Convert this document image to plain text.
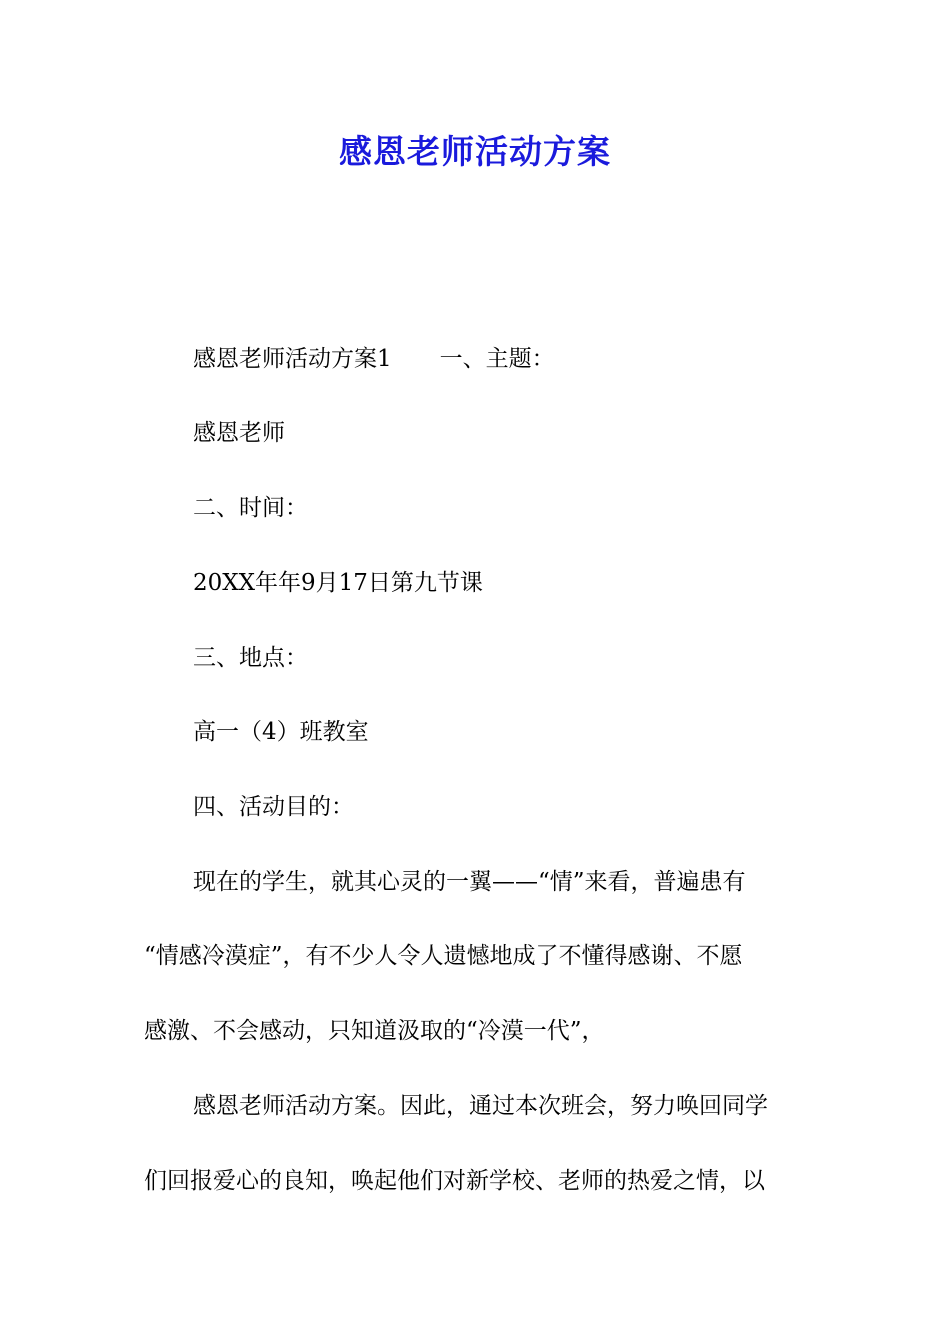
感恩老师活动方案
感恩老师活动方案1 一、主题：
感恩老师
二、时间：
20XX年年9月17日第九节课
三、地点：
高一（4）班教室
四、活动目的：
现在的学生，就其心灵的一翼——“情”来看，普遍患有
“情感冷漠症”，有不少人令人遗憾地成了不懂得感谢、不愿
感激、不会感动，只知道汲取的“冷漠一代”，
感恩老师活动方案。因此，通过本次班会，努力唤回同学
们回报爱心的良知，唤起他们对新学校、老师的热爱之情，以
